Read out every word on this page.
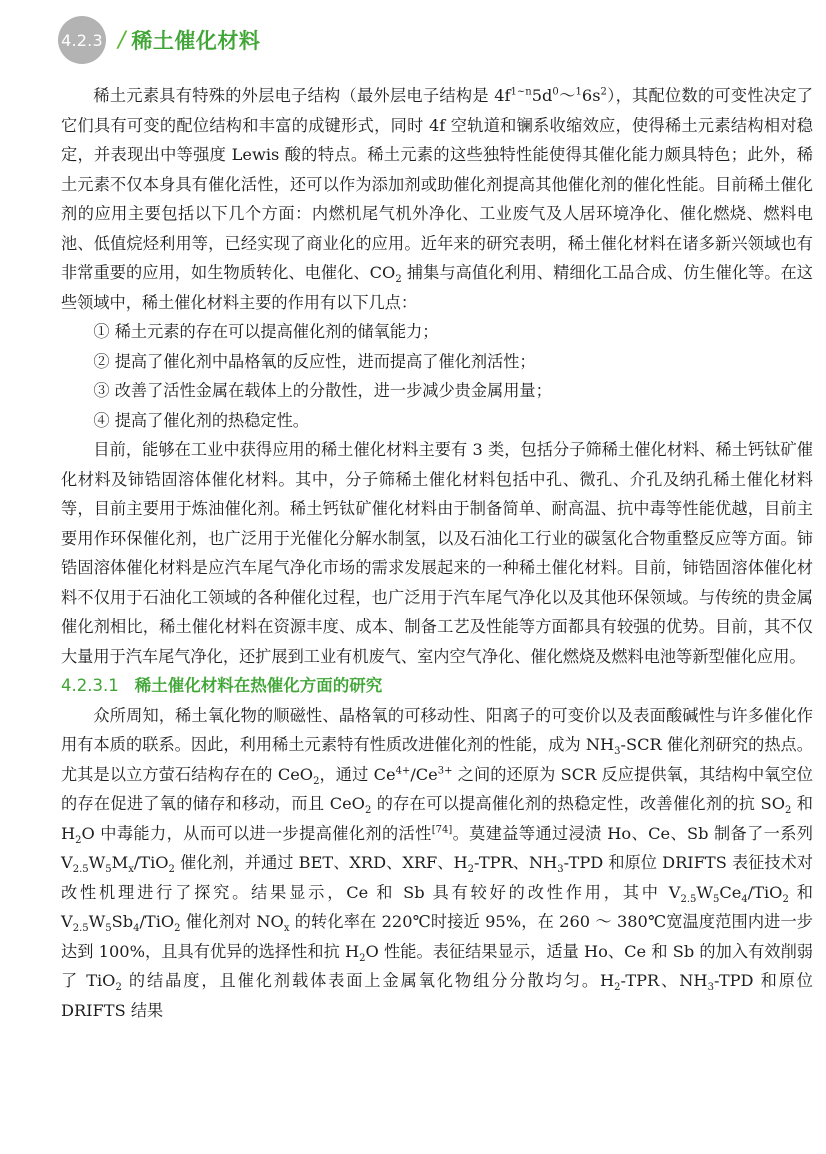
4.2.3 / 稀土催化材料

稀土元素具有特殊的外层电子结构（最外层电子结构是 $4f^{1\sim n}5d^0\sim^16s^2$），其配位数的可变性决定了它们具有可变的配位结构和丰富的成键形式，同时 4f 空轨道和镧系收缩效应，使得稀土元素结构相对稳定，并表现出中等强度 Lewis 酸的特点。稀土元素的这些独特性能使得其催化能力颇具特色；此外，稀土元素不仅本身具有催化活性，还可以作为添加剂或助催化剂提高其他催化剂的催化性能。目前稀土催化剂的应用主要包括以下几个方面：内燃机尾气机外净化、工业废气及人居环境净化、催化燃烧、燃料电池、低值烷烃利用等，已经实现了商业化的应用。近年来的研究表明，稀土催化材料在诸多新兴领域也有非常重要的应用，如生物质转化、电催化、$CO_2$ 捕集与高值化利用、精细化工品合成、仿生催化等。在这些领域中，稀土催化材料主要的作用有以下几点：

① 稀土元素的存在可以提高催化剂的储氧能力；

② 提高了催化剂中晶格氧的反应性，进而提高了催化剂活性；

③ 改善了活性金属在载体上的分散性，进一步减少贵金属用量；

④ 提高了催化剂的热稳定性。

目前，能够在工业中获得应用的稀土催化材料主要有 3 类，包括分子筛稀土催化材料、稀土钙钛矿催化材料及铈锆固溶体催化材料。其中，分子筛稀土催化材料包括中孔、微孔、介孔及纳孔稀土催化材料等，目前主要用于炼油催化剂。稀土钙钛矿催化材料由于制备简单、耐高温、抗中毒等性能优越，目前主要用作环保催化剂，也广泛用于光催化分解水制氢，以及石油化工行业的碳氢化合物重整反应等方面。铈锆固溶体催化材料是应汽车尾气净化市场的需求发展起来的一种稀土催化材料。目前，铈锆固溶体催化材料不仅用于石油化工领域的各种催化过程，也广泛用于汽车尾气净化以及其他环保领域。与传统的贵金属催化剂相比，稀土催化材料在资源丰度、成本、制备工艺及性能等方面都具有较强的优势。目前，其不仅大量用于汽车尾气净化，还扩展到工业有机废气、室内空气净化、催化燃烧及燃料电池等新型催化应用。

4.2.3.1 稀土催化材料在热催化方面的研究

众所周知，稀土氧化物的顺磁性、晶格氧的可移动性、阳离子的可变价以及表面酸碱性与许多催化作用有本质的联系。因此，利用稀土元素特有性质改进催化剂的性能，成为 $NH_3$-SCR 催化剂研究的热点。尤其是以立方萤石结构存在的 CeO$_2$，通过 $Ce^{4+}/Ce^{3+}$ 之间的还原为 SCR 反应提供氧，其结构中氧空位的存在促进了氧的储存和移动，而且 CeO$_2$ 的存在可以提高催化剂的热稳定性，改善催化剂的抗 $SO_2$ 和 $H_2O$ 中毒能力，从而可以进一步提高催化剂的活性[74]。莫建益等通过浸渍 Ho、Ce、Sb 制备了一系列 $V_{2.5}W_5M_x/TiO_2$ 催化剂，并通过 BET、XRD、XRF、$H_2$-TPR、$NH_3$-TPD 和原位 DRIFTS 表征技术对改性机理进行了探究。结果显示，Ce 和 Sb 具有较好的改性作用，其中 $V_{2.5}W_5Ce_4/TiO_2$ 和 $V_{2.5}W_5Sb_4/TiO_2$ 催化剂对 $NO_x$ 的转化率在 220℃时接近 95%，在 260 ～ 380℃宽温度范围内进一步达到 100%，且具有优异的选择性和抗 $H_2O$ 性能。表征结果显示，适量 Ho、Ce 和 Sb 的加入有效削弱了 TiO$_2$ 的结晶度，且催化剂载体表面上金属氧化物组分分散均匀。$H_2$-TPR、$NH_3$-TPD 和原位 DRIFTS 结果
